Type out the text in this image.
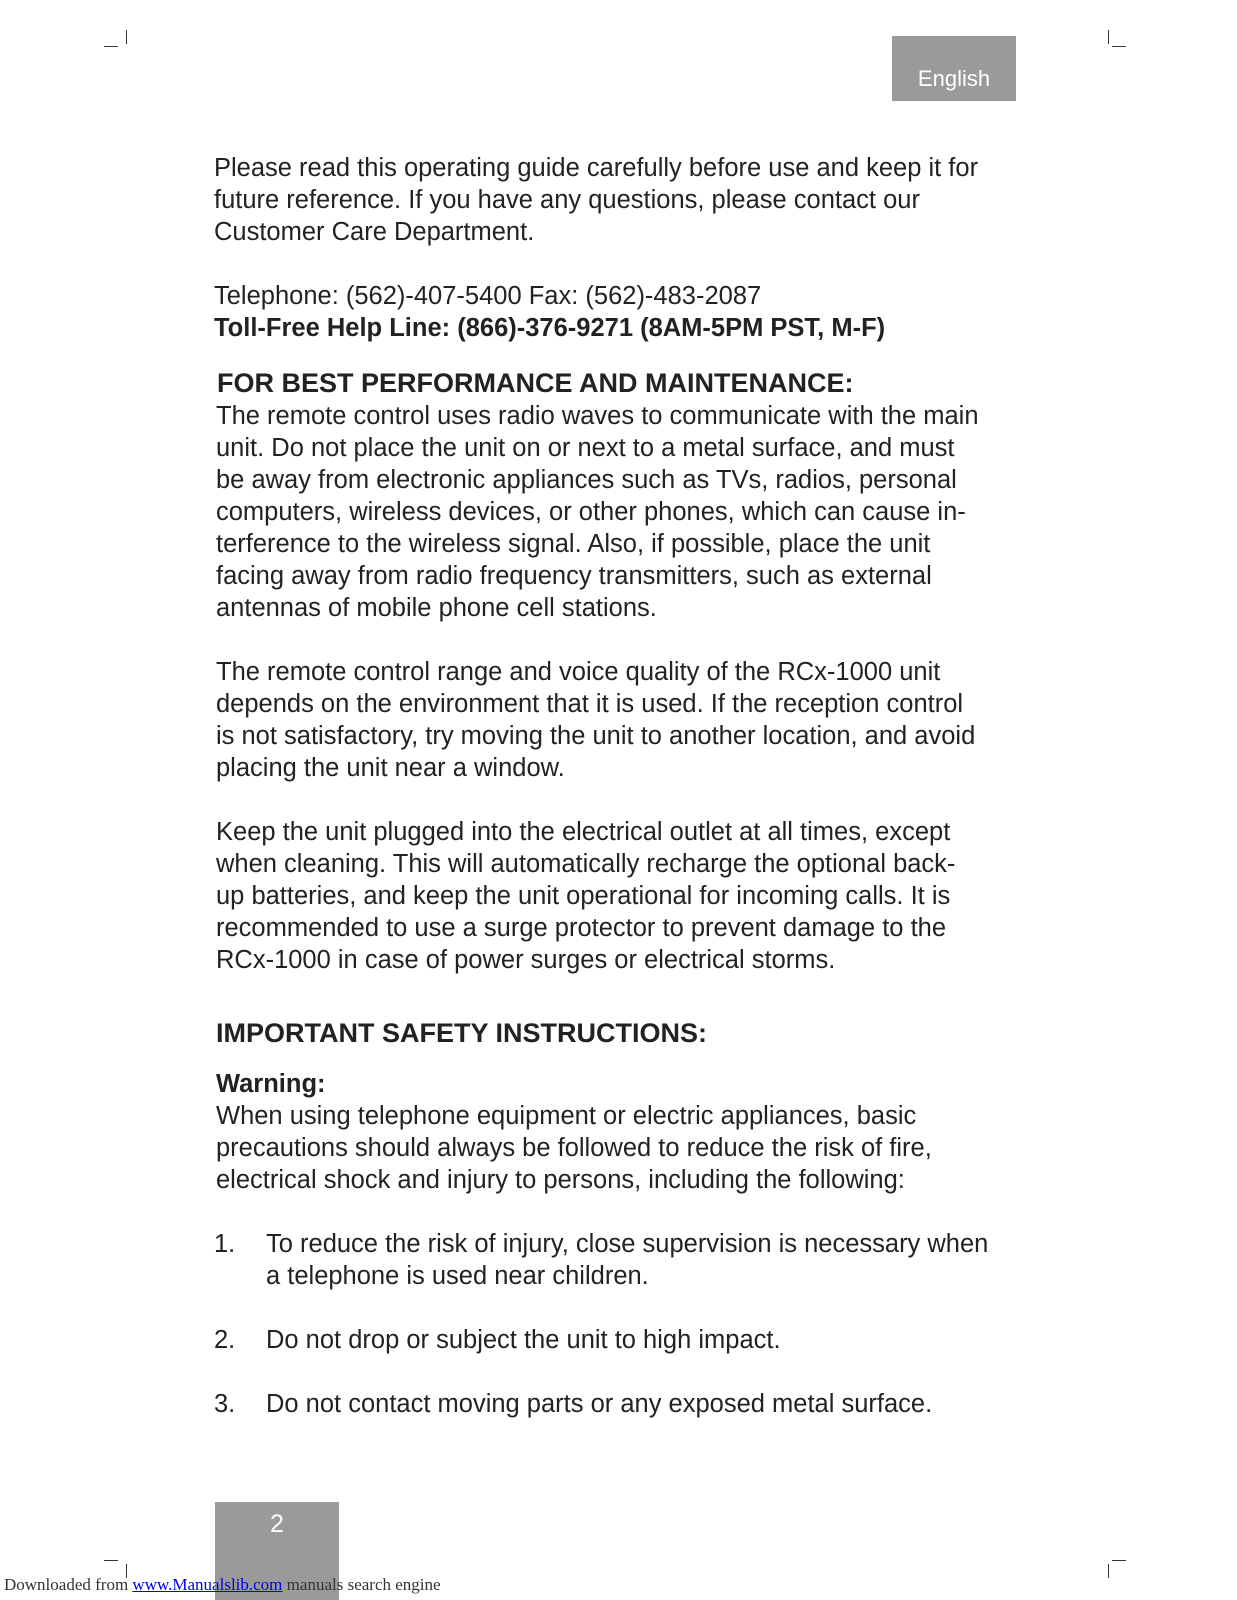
English
Please read this operating guide carefully before use and keep it for
future reference. If you have any questions, please contact our
Customer Care Department.
Telephone: (562)-407-5400 Fax: (562)-483-2087
Toll-Free Help Line: (866)-376-9271 (8AM-5PM PST, M-F)
FOR BEST PERFORMANCE AND MAINTENANCE:
The remote control uses radio waves to communicate with the main
unit. Do not place the unit on or next to a metal surface, and must
be away from electronic appliances such as TVs, radios, personal
computers, wireless devices, or other phones, which can cause in-
terference to the wireless signal. Also, if possible, place the unit
facing away from radio frequency transmitters, such as external
antennas of mobile phone cell stations.
The remote control range and voice quality of the RCx-1000 unit
depends on the environment that it is used. If the reception control
is not satisfactory, try moving the unit to another location, and avoid
placing the unit near a window.
Keep the unit plugged into the electrical outlet at all times, except
when cleaning. This will automatically recharge the optional back-
up batteries, and keep the unit operational for incoming calls. It is
recommended to use a surge protector to prevent damage to the
RCx-1000 in case of power surges or electrical storms.
IMPORTANT SAFETY INSTRUCTIONS:
Warning:
When using telephone equipment or electric appliances, basic
precautions should always be followed to reduce the risk of fire,
electrical shock and injury to persons, including the following:
1.	To reduce the risk of injury, close supervision is necessary when
a telephone is used near children.
2.	Do not drop or subject the unit to high impact.
3.	Do not contact moving parts or any exposed metal surface.
2
Downloaded from www.Manualslib.com manuals search engine
